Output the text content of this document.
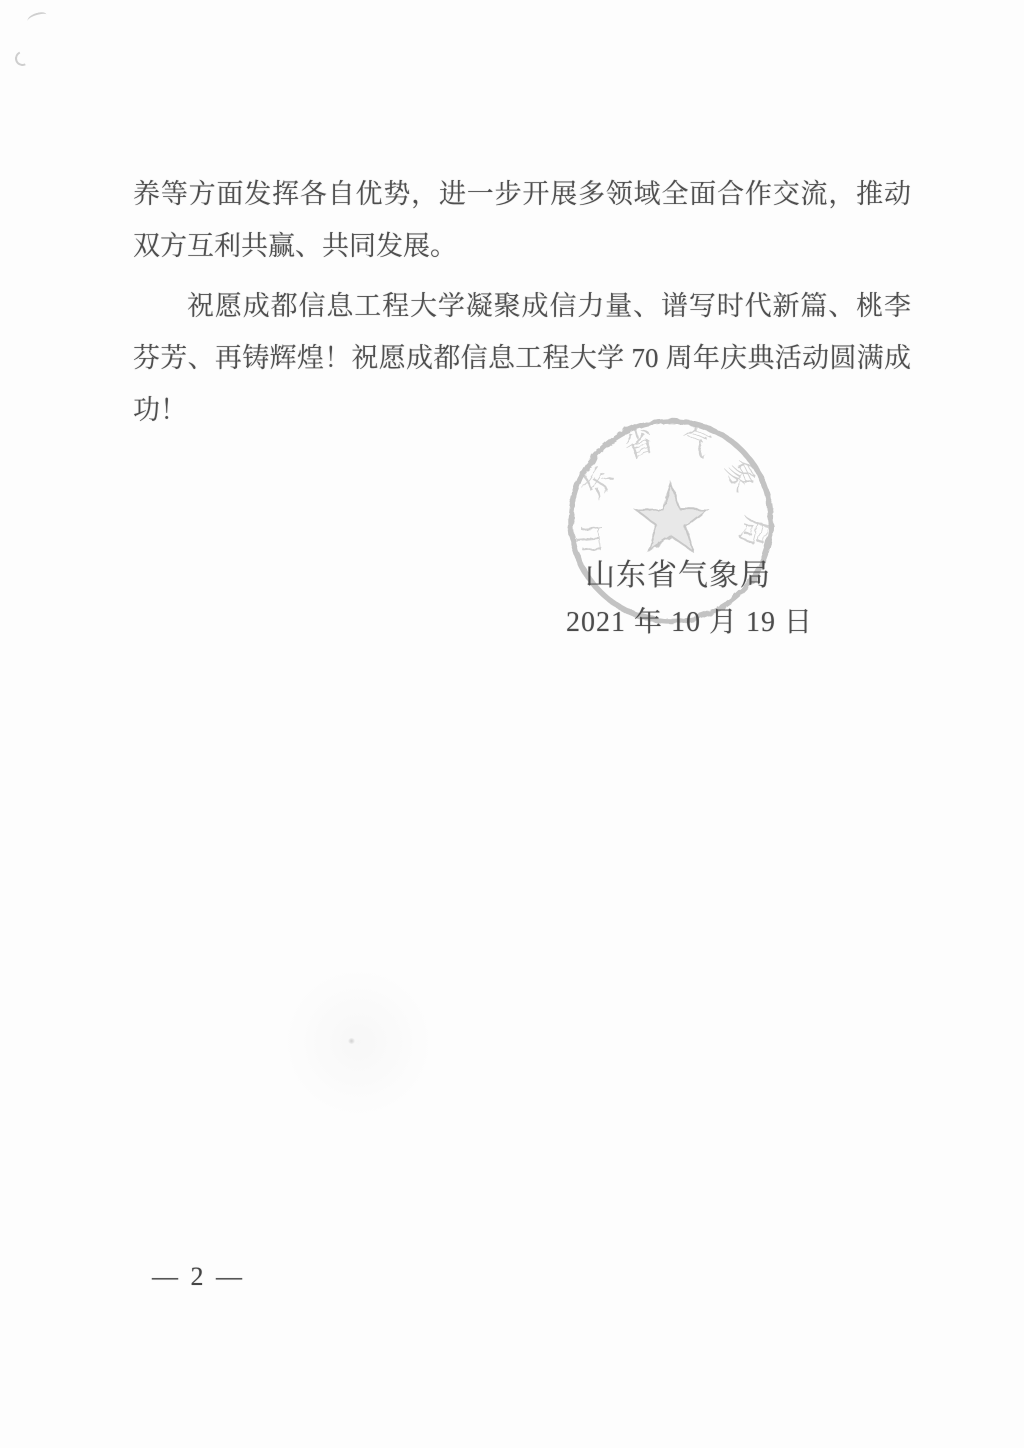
养等方面发挥各自优势，进一步开展多领域全面合作交流，推动双方互利共赢、共同发展。

祝愿成都信息工程大学凝聚成信力量、谱写时代新篇、桃李芬芳、再铸辉煌！祝愿成都信息工程大学 70 周年庆典活动圆满成功！

山东省气象局
山东省气象局
2021 年 10 月 19 日
— 2 —
